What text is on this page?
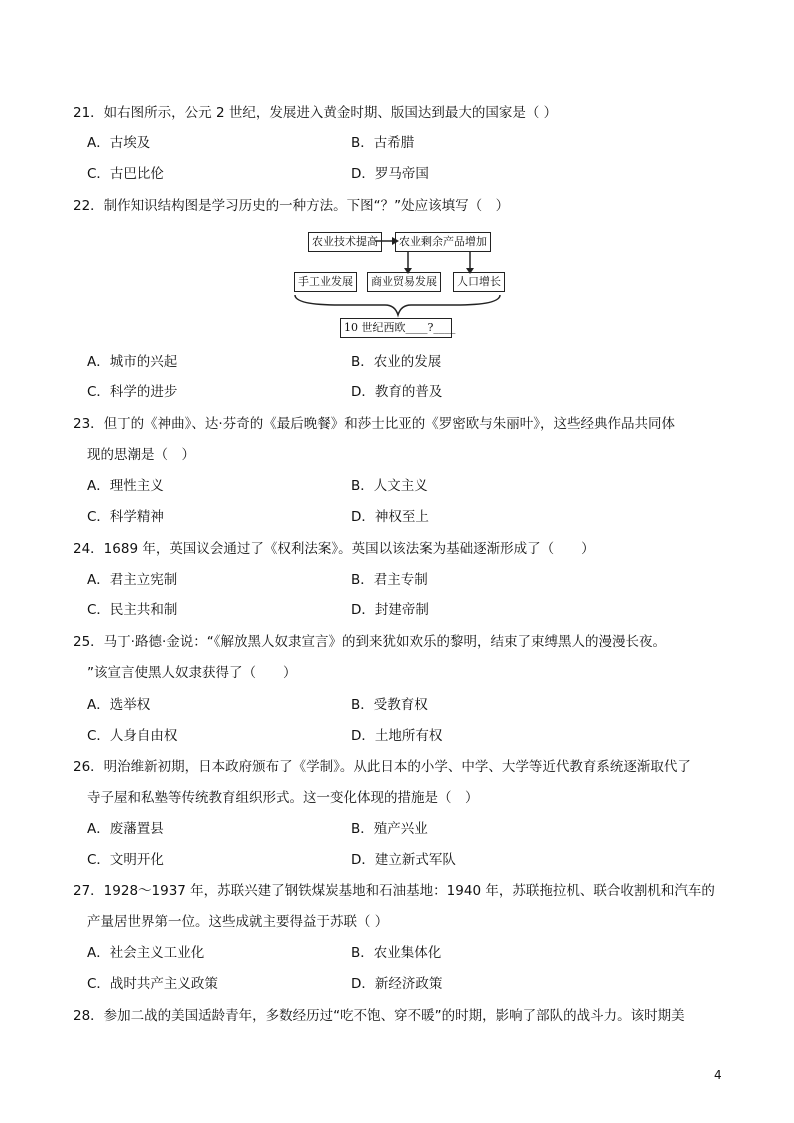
21．如右图所示，公元 2 世纪，发展进入黄金时期、版国达到最大的国家是（ ）
A．古埃及	B．古希腊
C．古巴比伦	D．罗马帝国
22．制作知识结构图是学习历史的一种方法。下图“？”处应该填写（　）
农业技术提高	农业剩余产品增加
手工业发展	商业贸易发展	人口增长
10 世纪西欧____?____
A．城市的兴起	B．农业的发展
C．科学的进步	D．教育的普及
23．但丁的《神曲》、达·芬奇的《最后晚餐》和莎士比亚的《罗密欧与朱丽叶》，这些经典作品共同体
现的思潮是（　）
A．理性主义	B．人文主义
C．科学精神	D．神权至上
24．1689 年，英国议会通过了《权利法案》。英国以该法案为基础逐渐形成了（　　）
A．君主立宪制	B．君主专制
C．民主共和制	D．封建帝制
25．马丁·路德·金说：“《解放黑人奴隶宣言》的到来犹如欢乐的黎明，结束了束缚黑人的漫漫长夜。
”该宣言使黑人奴隶获得了（　　）
A．选举权	B．受教育权
C．人身自由权	D．土地所有权
26．明治维新初期，日本政府颁布了《学制》。从此日本的小学、中学、大学等近代教育系统逐渐取代了
寺子屋和私塾等传统教育组织形式。这一变化体现的措施是（　）
A．废藩置县	B．殖产兴业
C．文明开化	D．建立新式军队
27．1928～1937 年，苏联兴建了钢铁煤炭基地和石油基地：1940 年，苏联拖拉机、联合收割机和汽车的
产量居世界第一位。这些成就主要得益于苏联（ ）
A．社会主义工业化	B．农业集体化
C．战时共产主义政策	D．新经济政策
28．参加二战的美国适龄青年，多数经历过“吃不饱、穿不暖”的时期，影响了部队的战斗力。该时期美
4
